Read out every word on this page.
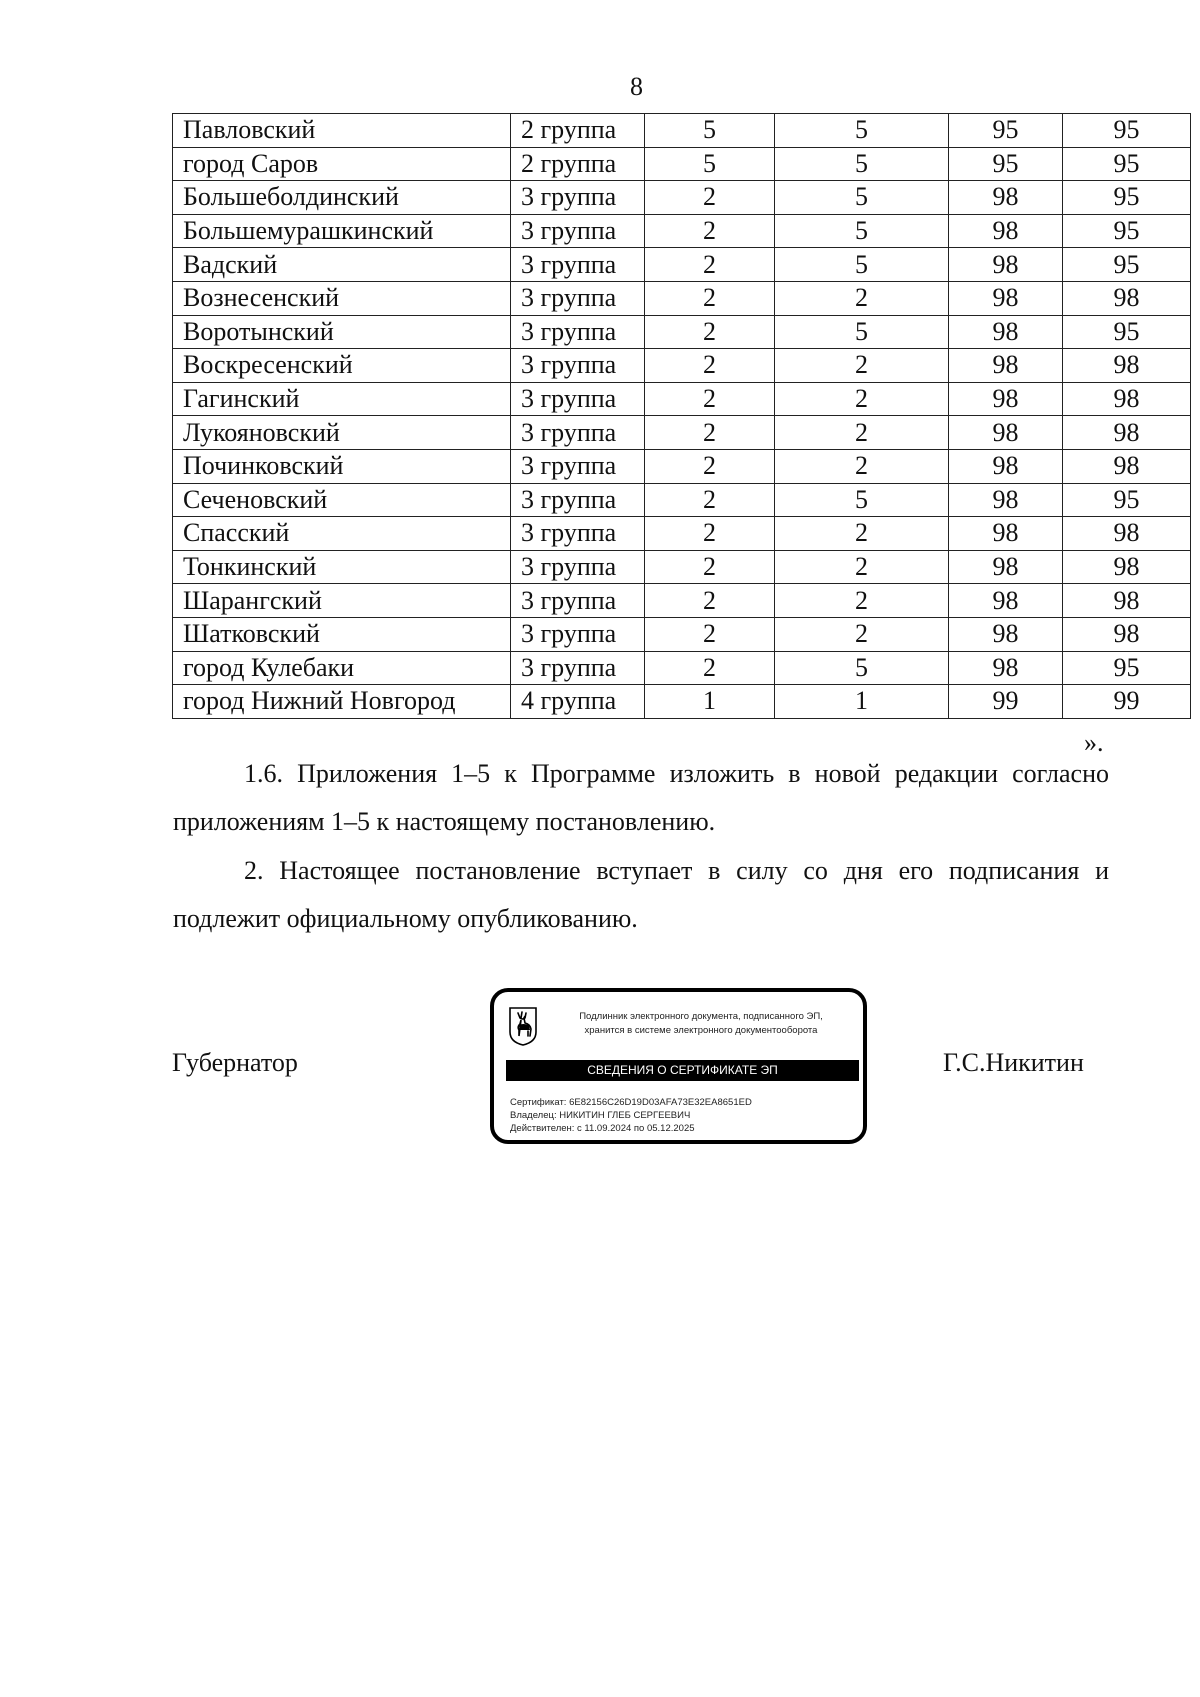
8
Павловский	2 группа	5	5	95	95
город Саров	2 группа	5	5	95	95
Большеболдинский	3 группа	2	5	98	95
Большемурашкинский	3 группа	2	5	98	95
Вадский	3 группа	2	5	98	95
Вознесенский	3 группа	2	2	98	98
Воротынский	3 группа	2	5	98	95
Воскресенский	3 группа	2	2	98	98
Гагинский	3 группа	2	2	98	98
Лукояновский	3 группа	2	2	98	98
Починковский	3 группа	2	2	98	98
Сеченовский	3 группа	2	5	98	95
Спасский	3 группа	2	2	98	98
Тонкинский	3 группа	2	2	98	98
Шарангский	3 группа	2	2	98	98
Шатковский	3 группа	2	2	98	98
город Кулебаки	3 группа	2	5	98	95
город Нижний Новгород	4 группа	1	1	99	99
».
1.6. Приложения 1–5 к Программе изложить в новой редакции согласно приложениям 1–5 к настоящему постановлению.
2. Настоящее постановление вступает в силу со дня его подписания и подлежит официальному опубликованию.
Губернатор	Г.С.Никитин
Подлинник электронного документа, подписанного ЭП,
хранится в системе электронного документооборота
СВЕДЕНИЯ О СЕРТИФИКАТЕ ЭП
Сертификат: 6E82156C26D19D03AFA73E32EA8651ED
Владелец: НИКИТИН ГЛЕБ СЕРГЕЕВИЧ
Действителен: с 11.09.2024 по 05.12.2025
